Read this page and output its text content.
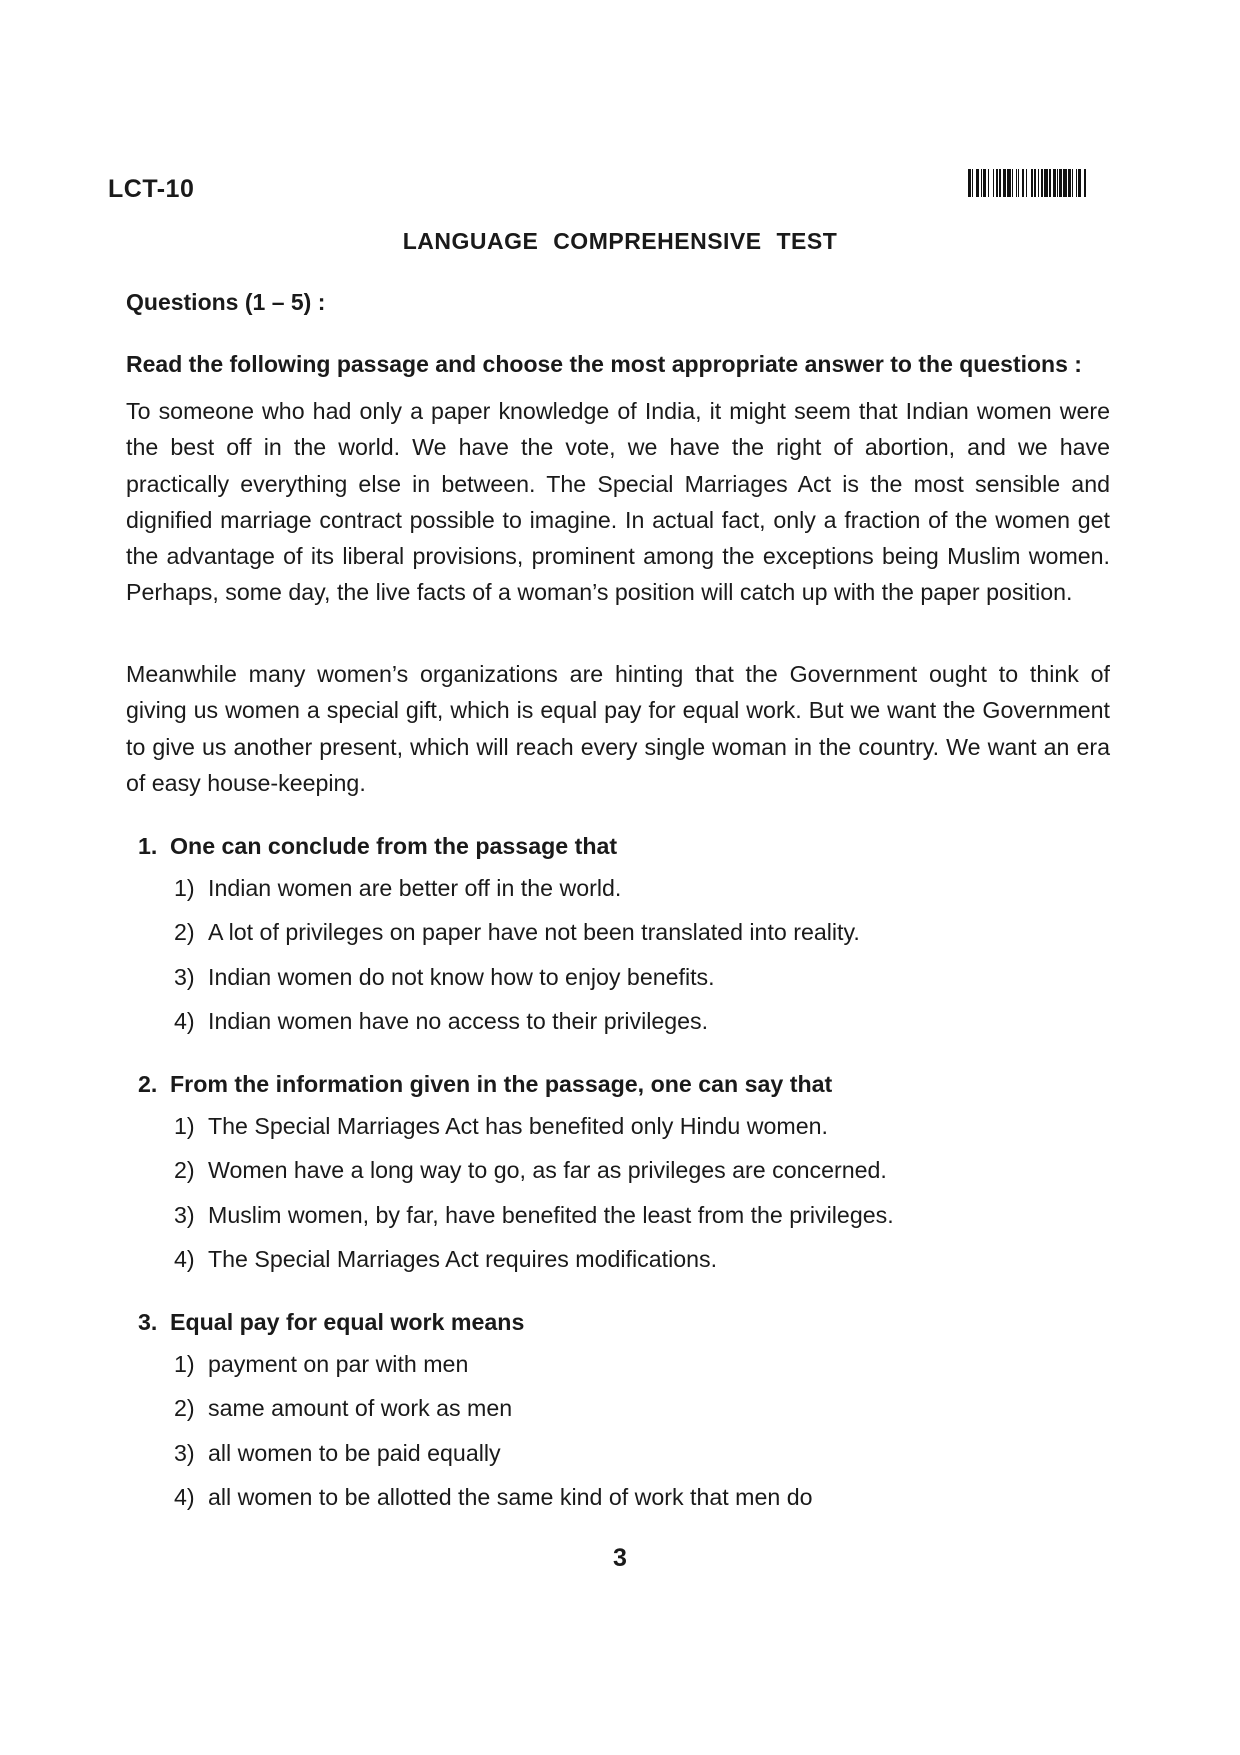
LCT-10
LANGUAGE COMPREHENSIVE TEST
Questions (1 – 5) :
Read the following passage and choose the most appropriate answer to the questions :

To someone who had only a paper knowledge of India, it might seem that Indian women were the best off in the world. We have the vote, we have the right of abortion, and we have practically everything else in between. The Special Marriages Act is the most sensible and dignified marriage contract possible to imagine. In actual fact, only a fraction of the women get the advantage of its liberal provisions, prominent among the exceptions being Muslim women. Perhaps, some day, the live facts of a woman’s position will catch up with the paper position.

Meanwhile many women’s organizations are hinting that the Government ought to think of giving us women a special gift, which is equal pay for equal work. But we want the Government to give us another present, which will reach every single woman in the country. We want an era of easy house-keeping.

1. One can conclude from the passage that
1) Indian women are better off in the world.
2) A lot of privileges on paper have not been translated into reality.
3) Indian women do not know how to enjoy benefits.
4) Indian women have no access to their privileges.
2. From the information given in the passage, one can say that
1) The Special Marriages Act has benefited only Hindu women.
2) Women have a long way to go, as far as privileges are concerned.
3) Muslim women, by far, have benefited the least from the privileges.
4) The Special Marriages Act requires modifications.
3. Equal pay for equal work means
1) payment on par with men
2) same amount of work as men
3) all women to be paid equally
4) all women to be allotted the same kind of work that men do
3
